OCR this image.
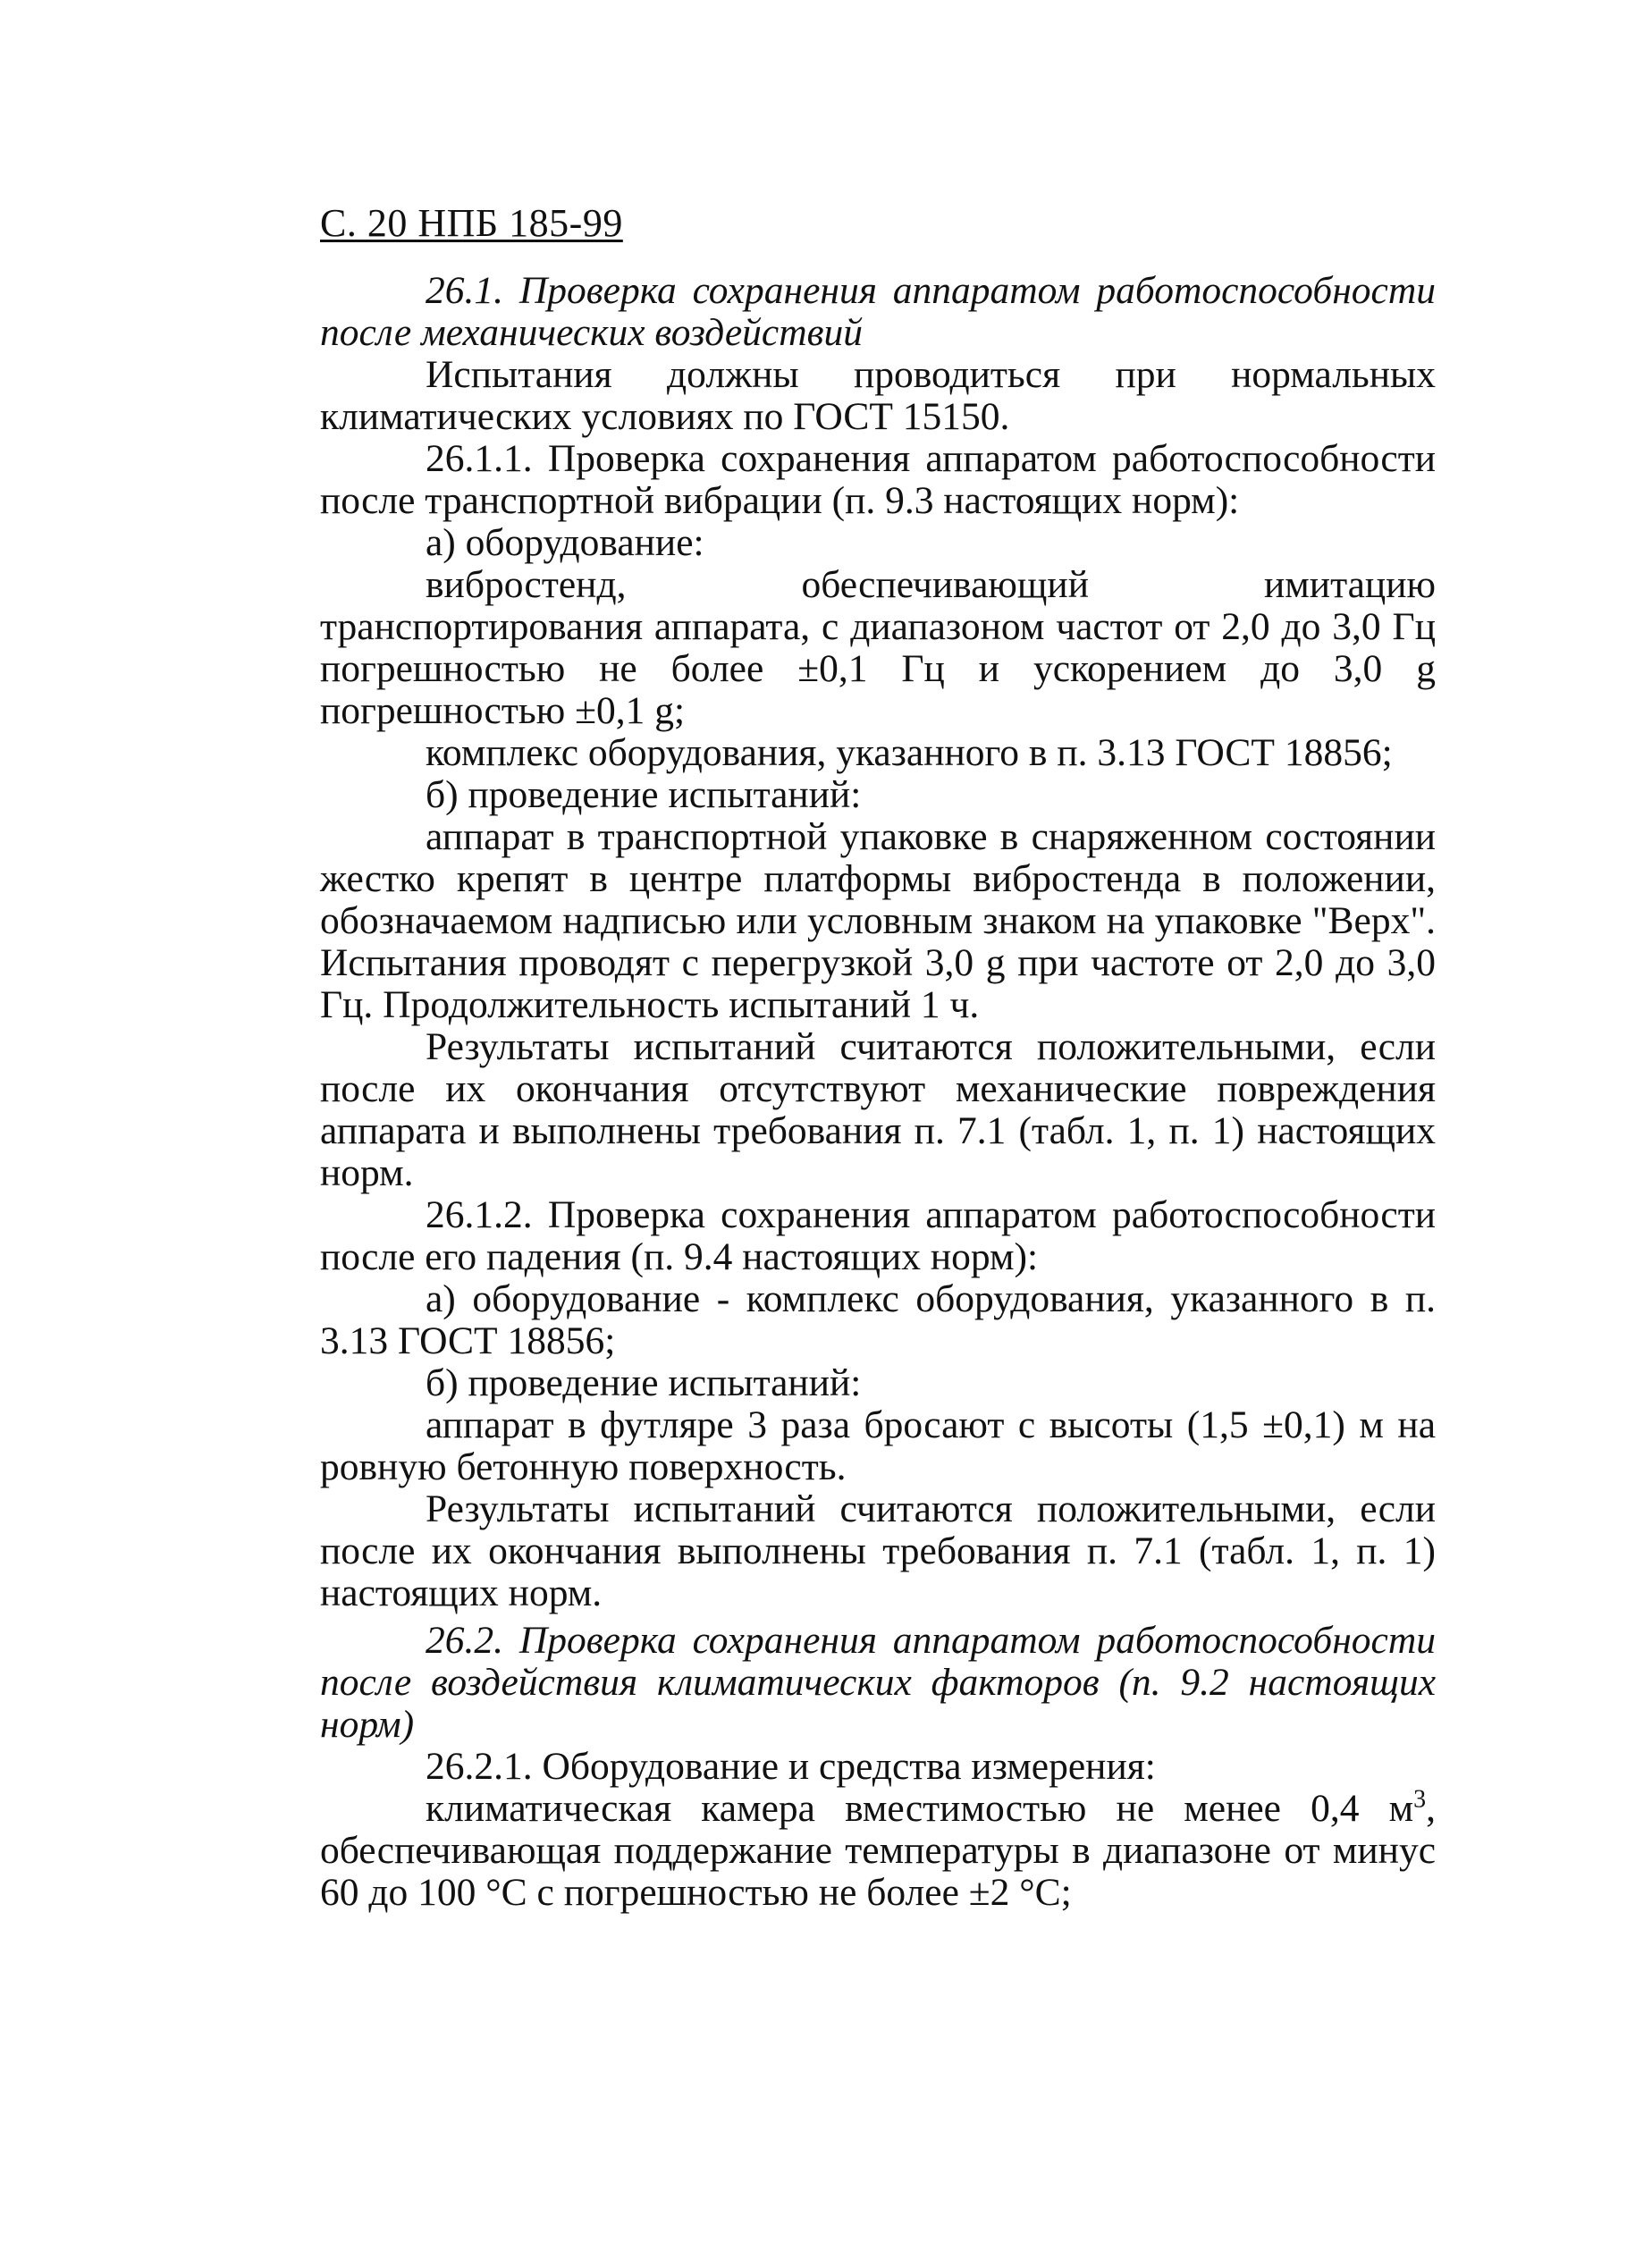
С. 20 НПБ 185-99

26.1. Проверка сохранения аппаратом работоспособности после механических воздействий

Испытания должны проводиться при нормальных климатических условиях по ГОСТ 15150.

26.1.1. Проверка сохранения аппаратом работоспособности после транспортной вибрации (п. 9.3 настоящих норм):

а) оборудование:

вибростенд, обеспечивающий имитацию транспортирования аппарата, с диапазоном частот от 2,0 до 3,0 Гц погрешностью не более ±0,1 Гц и ускорением до 3,0 g погрешностью ±0,1 g;

комплекс оборудования, указанного в п. 3.13 ГОСТ 18856;

б) проведение испытаний:

аппарат в транспортной упаковке в снаряженном состоянии жестко крепят в центре платформы вибростенда в положении, обозначаемом надписью или условным знаком на упаковке "Верх". Испытания проводят с перегрузкой 3,0 g при частоте от 2,0 до 3,0 Гц. Продолжительность испытаний 1 ч.

Результаты испытаний считаются положительными, если после их окончания отсутствуют механические повреждения аппарата и выполнены требования п. 7.1 (табл. 1, п. 1) настоящих норм.

26.1.2. Проверка сохранения аппаратом работоспособности после его падения (п. 9.4 настоящих норм):

а) оборудование - комплекс оборудования, указанного в п. 3.13 ГОСТ 18856;

б) проведение испытаний:

аппарат в футляре 3 раза бросают с высоты (1,5 ±0,1) м на ровную бетонную поверхность.

Результаты испытаний считаются положительными, если после их окончания выполнены требования п. 7.1 (табл. 1, п. 1) настоящих норм.

26.2. Проверка сохранения аппаратом работоспособности после воздействия климатических факторов (п. 9.2 настоящих норм)

26.2.1. Оборудование и средства измерения:

климатическая камера вместимостью не менее 0,4 $м^3$, обеспечивающая поддержание температуры в диапазоне от минус 60 до 100 °С с погрешностью не более ±2 °С;
